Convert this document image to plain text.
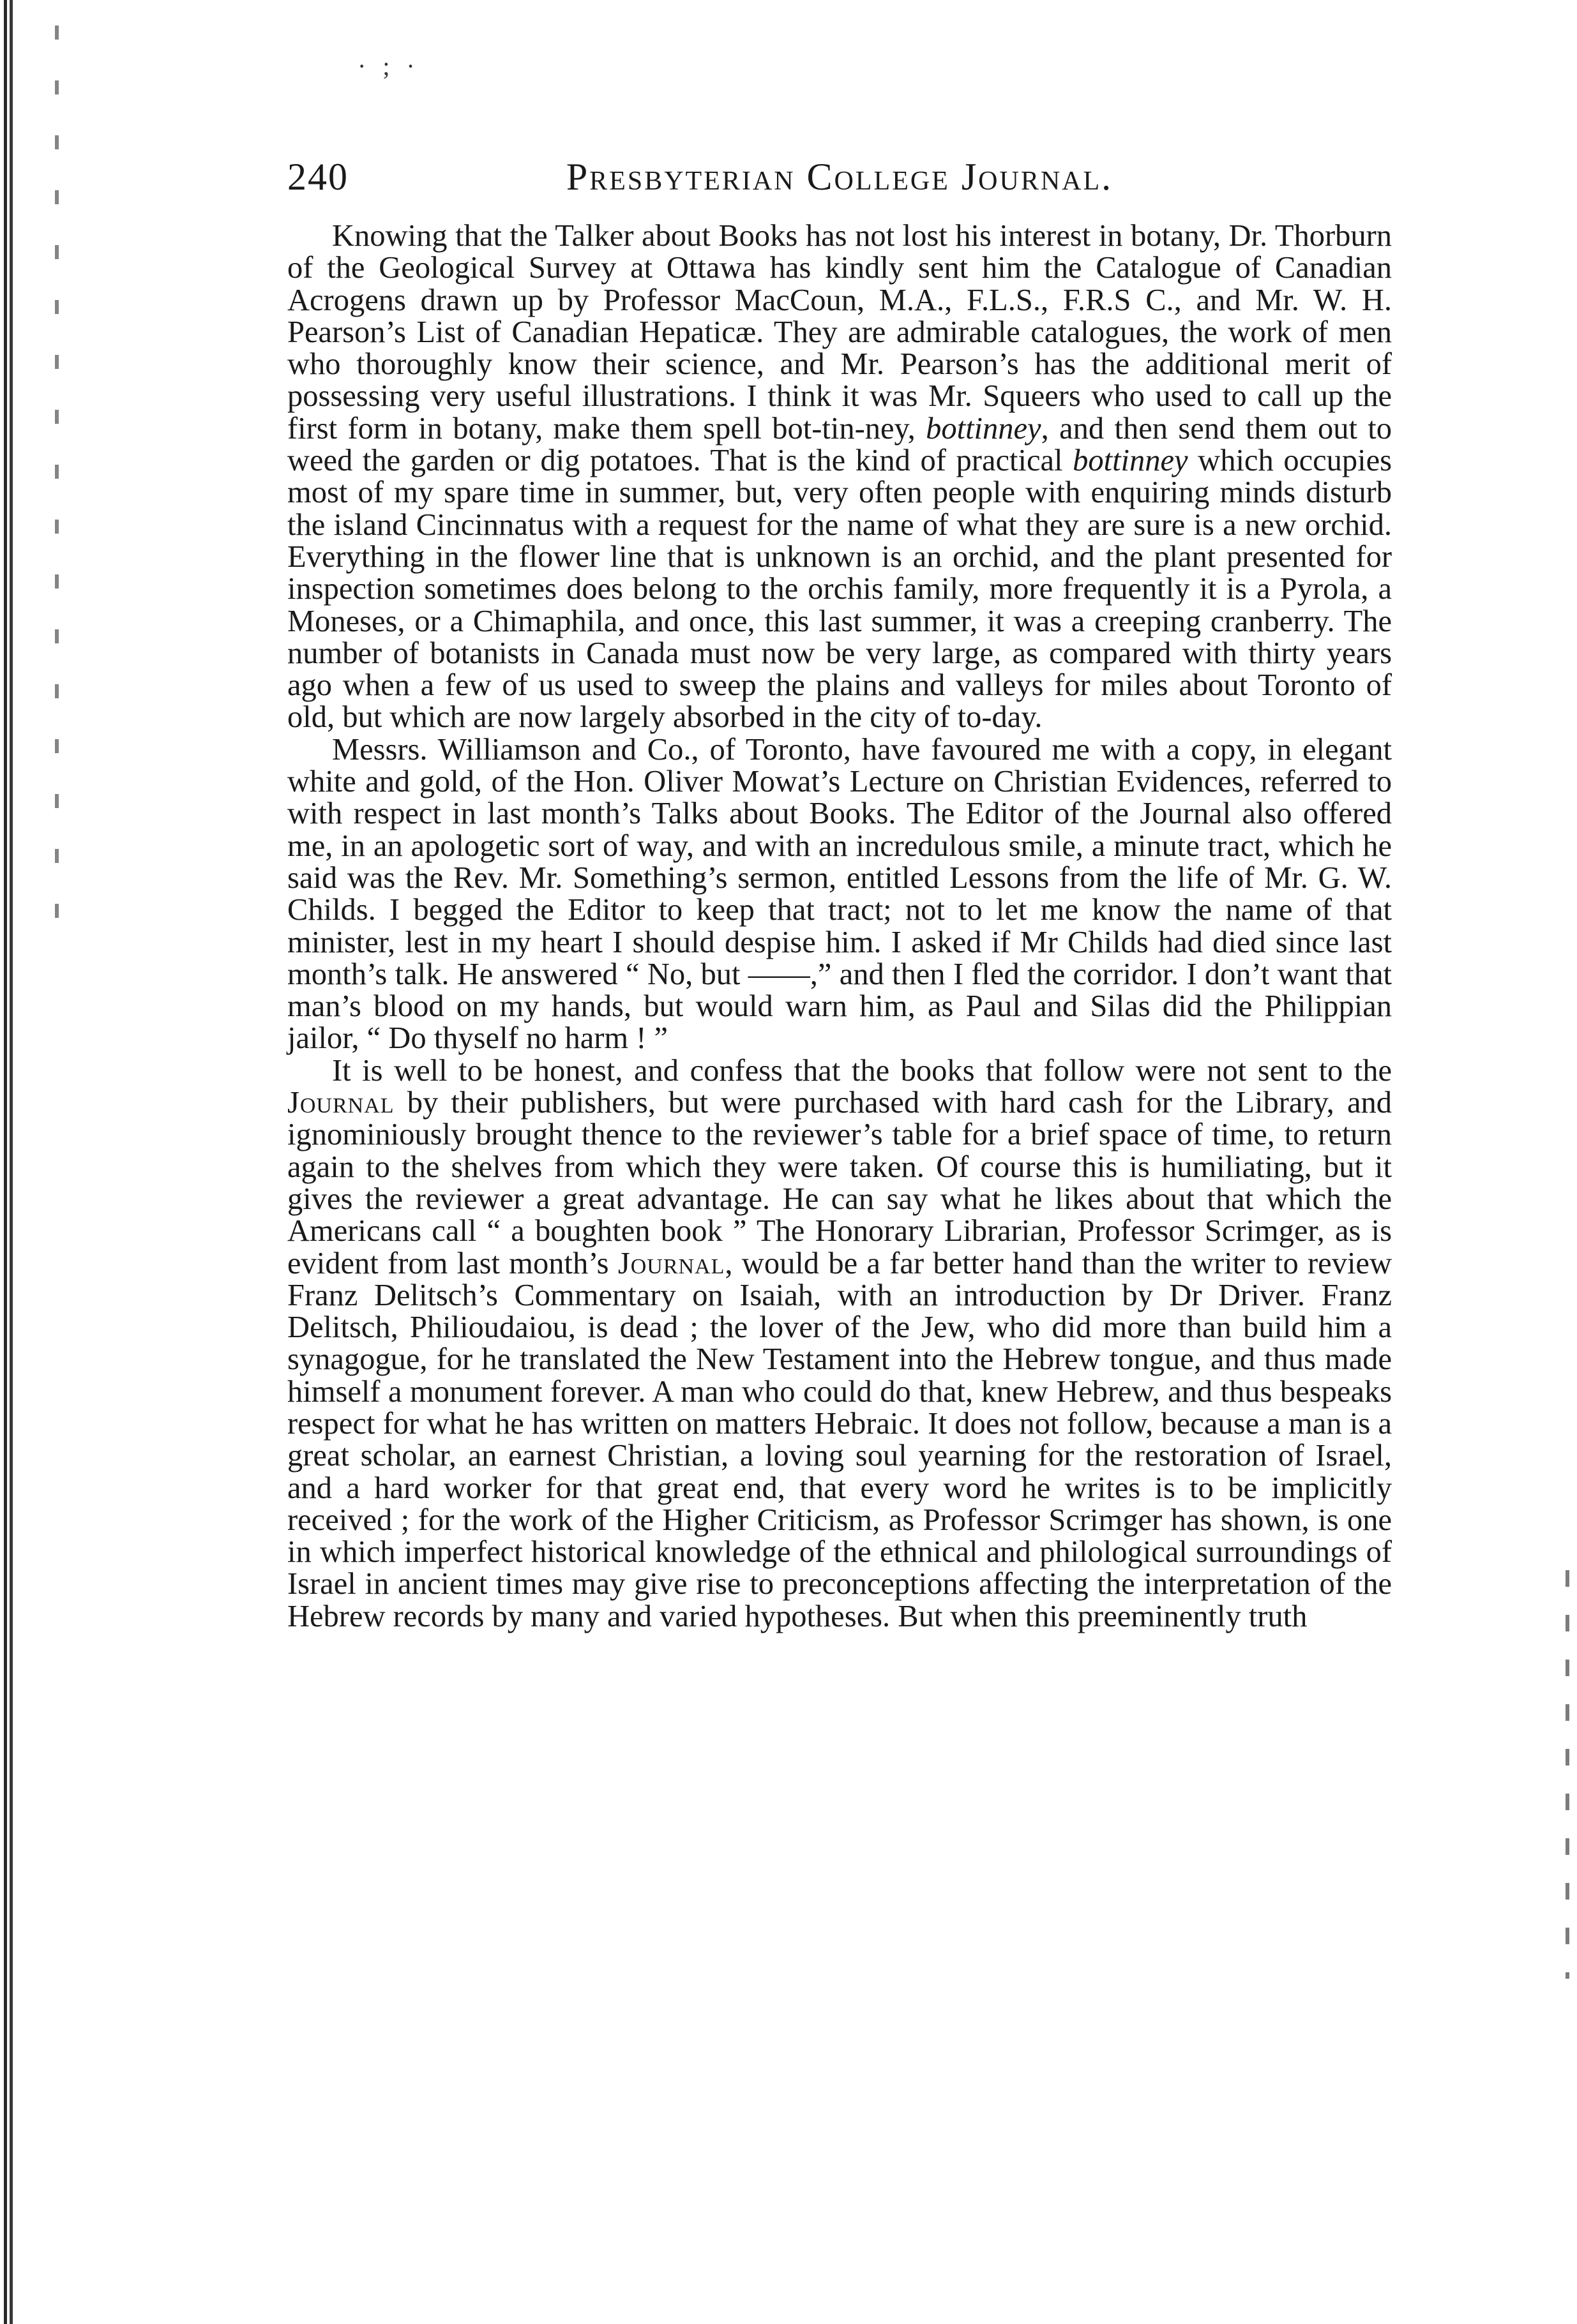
· ; ·
240	Presbyterian College Journal.

Knowing that the Talker about Books has not lost his interest in botany, Dr. Thorburn of the Geological Survey at Ottawa has kindly sent him the Catalogue of Canadian Acrogens drawn up by Professor MacCoun, M.A., F.L.S., F.R.S C., and Mr. W. H. Pearson’s List of Canadian Hepaticæ. They are admirable catalogues, the work of men who thoroughly know their science, and Mr. Pearson’s has the additional merit of possessing very useful illustrations. I think it was Mr. Squeers who used to call up the first form in botany, make them spell bot-tin-ney, bottinney, and then send them out to weed the garden or dig potatoes. That is the kind of practical bottinney which occupies most of my spare time in summer, but, very often people with enquiring minds disturb the island Cincinnatus with a request for the name of what they are sure is a new orchid. Everything in the flower line that is unknown is an orchid, and the plant presented for inspection sometimes does belong to the orchis family, more frequently it is a Pyrola, a Moneses, or a Chimaphila, and once, this last summer, it was a creeping cranberry. The number of botanists in Canada must now be very large, as compared with thirty years ago when a few of us used to sweep the plains and valleys for miles about Toronto of old, but which are now largely absorbed in the city of to-day.

Messrs. Williamson and Co., of Toronto, have favoured me with a copy, in elegant white and gold, of the Hon. Oliver Mowat’s Lecture on Christian Evidences, referred to with respect in last month’s Talks about Books. The Editor of the Journal also offered me, in an apologetic sort of way, and with an incredulous smile, a minute tract, which he said was the Rev. Mr. Something’s sermon, entitled Lessons from the life of Mr. G. W. Childs. I begged the Editor to keep that tract; not to let me know the name of that minister, lest in my heart I should despise him. I asked if Mr Childs had died since last month’s talk. He answered “ No, but ——,” and then I fled the corridor. I don’t want that man’s blood on my hands, but would warn him, as Paul and Silas did the Philippian jailor, “ Do thyself no harm ! ”

It is well to be honest, and confess that the books that follow were not sent to the Journal by their publishers, but were purchased with hard cash for the Library, and ignominiously brought thence to the reviewer’s table for a brief space of time, to return again to the shelves from which they were taken. Of course this is humiliating, but it gives the reviewer a great advantage. He can say what he likes about that which the Americans call “ a boughten book ” The Honorary Librarian, Professor Scrimger, as is evident from last month’s Journal, would be a far better hand than the writer to review Franz Delitsch’s Commentary on Isaiah, with an introduction by Dr Driver. Franz Delitsch, Philioudaiou, is dead ; the lover of the Jew, who did more than build him a synagogue, for he translated the New Testament into the Hebrew tongue, and thus made himself a monument forever. A man who could do that, knew Hebrew, and thus bespeaks respect for what he has written on matters Hebraic. It does not follow, because a man is a great scholar, an earnest Christian, a loving soul yearning for the restoration of Israel, and a hard worker for that great end, that every word he writes is to be implicitly received ; for the work of the Higher Criticism, as Professor Scrimger has shown, is one in which imperfect historical knowledge of the ethnical and philological surroundings of Israel in ancient times may give rise to preconceptions affecting the interpretation of the Hebrew records by many and varied hypotheses. But when this preeminently truth
